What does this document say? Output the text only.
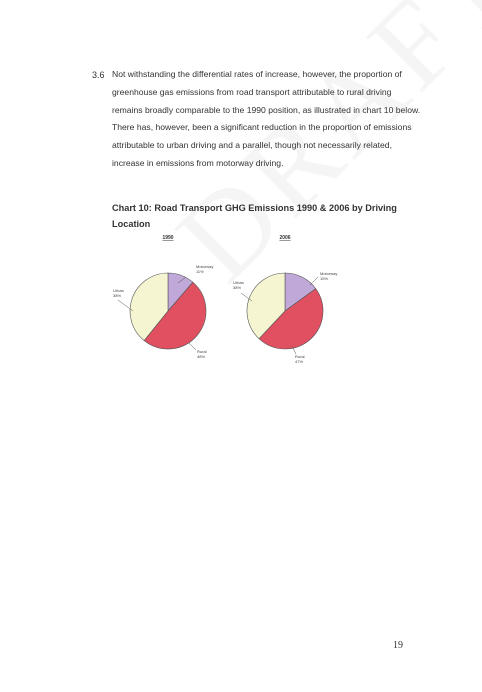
3.6 Not withstanding the differential rates of increase, however, the proportion of greenhouse gas emissions from road transport attributable to rural driving remains broadly comparable to the 1990 position, as illustrated in chart 10 below. There has, however, been a significant reduction in the proportion of emissions attributable to urban driving and a parallel, though not necessarily related, increase in emissions from motorway driving.

Chart 10: Road Transport GHG Emissions 1990 & 2006 by Driving Location

1990
Motorway 11%
Rural 48%
Urban 38%
2006
Motorway 15%
Rural 47%
Urban 38%
19
